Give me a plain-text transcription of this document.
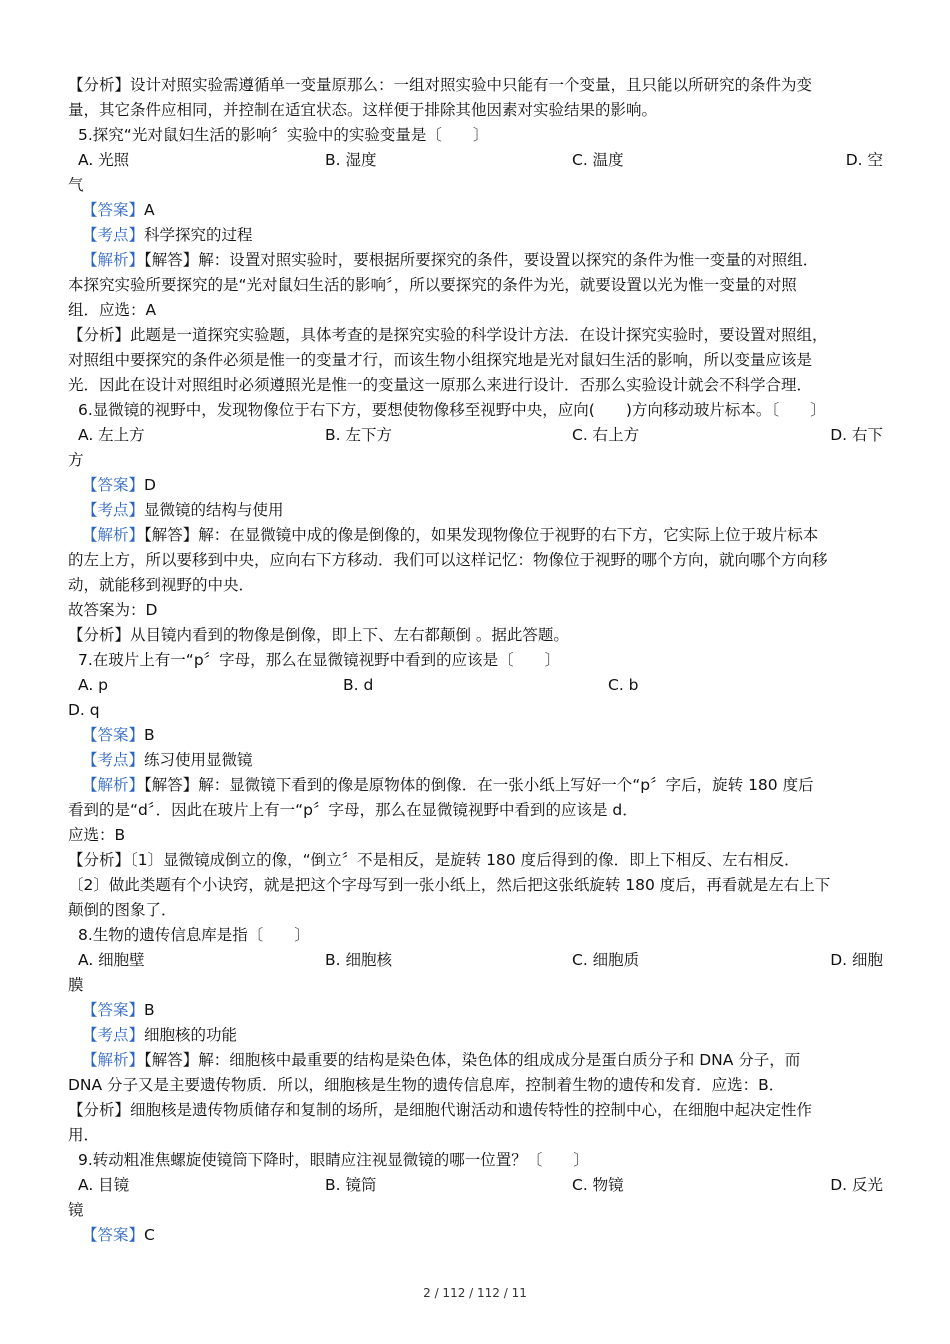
【分析】设计对照实验需遵循单一变量原那么：一组对照实验中只能有一个变量，且只能以所研究的条件为变
量，其它条件应相同，并控制在适宜状态。这样便于排除其他因素对实验结果的影响。
5.探究“光对鼠妇生活的影响〞实验中的实验变量是〔　　〕
A. 光照	B. 湿度	C. 温度	D. 空
气
【答案】A
【考点】科学探究的过程
【解析】【解答】解：设置对照实验时，要根据所要探究的条件，要设置以探究的条件为惟一变量的对照组．
本探究实验所要探究的是“光对鼠妇生活的影响〞，所以要探究的条件为光，就要设置以光为惟一变量的对照
组．应选：A
【分析】此题是一道探究实验题，具体考查的是探究实验的科学设计方法．在设计探究实验时，要设置对照组，
对照组中要探究的条件必须是惟一的变量才行，而该生物小组探究地是光对鼠妇生活的影响，所以变量应该是
光．因此在设计对照组时必须遵照光是惟一的变量这一原那么来进行设计．否那么实验设计就会不科学合理．
6.显微镜的视野中，发现物像位于右下方，要想使物像移至视野中央，应向(　　)方向移动玻片标本。〔　　〕
A. 左上方	B. 左下方	C. 右上方	D. 右下
方
【答案】D
【考点】显微镜的结构与使用
【解析】【解答】解：在显微镜中成的像是倒像的，如果发现物像位于视野的右下方，它实际上位于玻片标本
的左上方，所以要移到中央，应向右下方移动．我们可以这样记忆：物像位于视野的哪个方向，就向哪个方向移
动，就能移到视野的中央．
故答案为：D
【分析】从目镜内看到的物像是倒像，即上下、左右都颠倒 。据此答题。
7.在玻片上有一“p〞字母，那么在显微镜视野中看到的应该是〔　　〕
A. p	B. d	C. b
D. q
【答案】B
【考点】练习使用显微镜
【解析】【解答】解：显微镜下看到的像是原物体的倒像．在一张小纸上写好一个“p〞字后，旋转 180 度后
看到的是“d〞．因此在玻片上有一“p〞字母，那么在显微镜视野中看到的应该是 d．
应选：B
【分析】〔1〕显微镜成倒立的像，“倒立〞不是相反，是旋转 180 度后得到的像．即上下相反、左右相反．
〔2〕做此类题有个小诀窍，就是把这个字母写到一张小纸上，然后把这张纸旋转 180 度后，再看就是左右上下
颠倒的图象了．
8.生物的遗传信息库是指〔　　〕
A. 细胞壁	B. 细胞核	C. 细胞质	D. 细胞
膜
【答案】B
【考点】细胞核的功能
【解析】【解答】解：细胞核中最重要的结构是染色体，染色体的组成成分是蛋白质分子和 DNA 分子，而
DNA 分子又是主要遗传物质．所以，细胞核是生物的遗传信息库，控制着生物的遗传和发育．应选：B．
【分析】细胞核是遗传物质储存和复制的场所，是细胞代谢活动和遗传特性的控制中心，在细胞中起决定性作
用．
9.转动粗准焦螺旋使镜筒下降时，眼睛应注视显微镜的哪一位置？〔　　〕
A. 目镜	B. 镜筒	C. 物镜	D. 反光
镜
【答案】C
2 / 112 / 112 / 11
